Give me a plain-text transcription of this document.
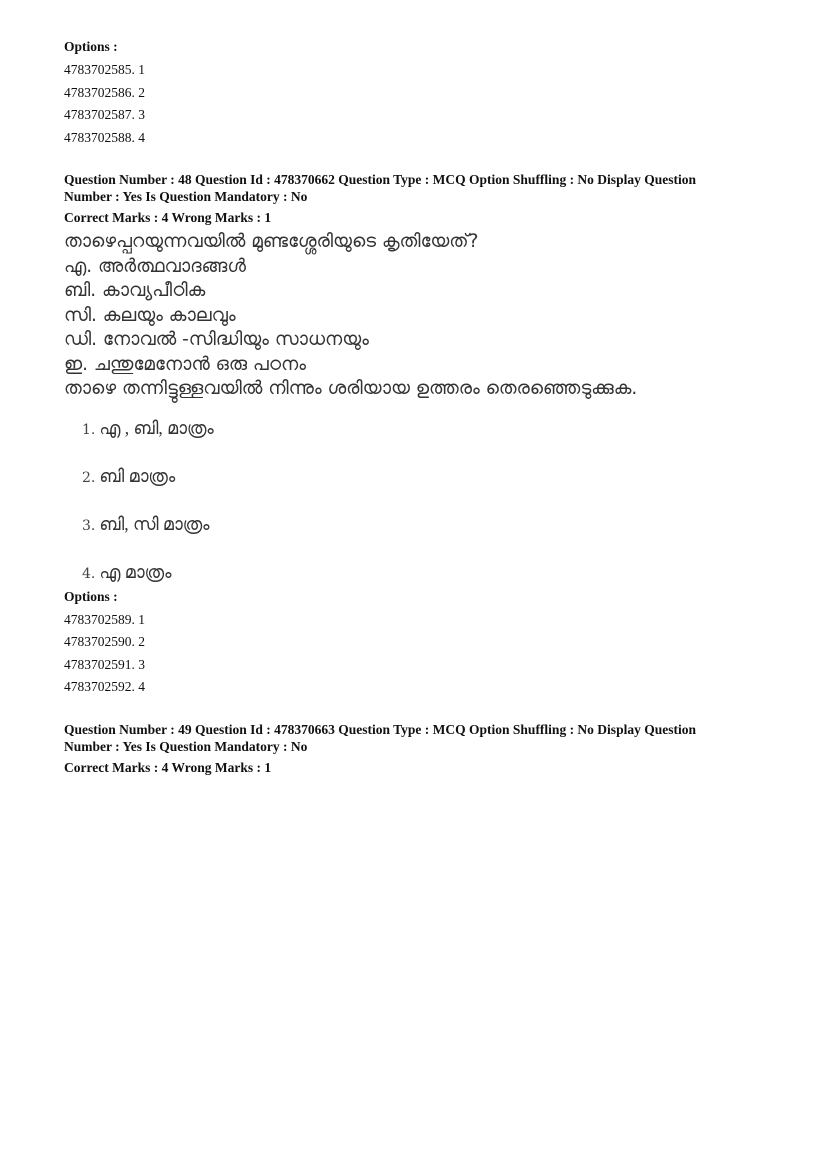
Options :
4783702585. 1
4783702586. 2
4783702587. 3
4783702588. 4
Question Number : 48 Question Id : 478370662 Question Type : MCQ Option Shuffling : No Display Question
Number : Yes Is Question Mandatory : No
Correct Marks : 4 Wrong Marks : 1
താഴെപ്പറയുന്നവയിൽ മുണ്ടശ്ശേരിയുടെ കൃതിയേത്?
എ. അർത്ഥവാദങ്ങൾ
ബി. കാവ്യപീഠിക
സി. കലയും കാലവും
ഡി. നോവൽ -സിദ്ധിയും സാധനയും
ഇ. ചന്തുമേനോൻ ഒരു പഠനം
താഴെ തന്നിട്ടുള്ളവയിൽ നിന്നും ശരിയായ ഉത്തരം തെരഞ്ഞെടുക്കുക.
1. എ , ബി, മാത്രം
2. ബി മാത്രം
3. ബി, സി മാത്രം
4. എ മാത്രം
Options :
4783702589. 1
4783702590. 2
4783702591. 3
4783702592. 4
Question Number : 49 Question Id : 478370663 Question Type : MCQ Option Shuffling : No Display Question
Number : Yes Is Question Mandatory : No
Correct Marks : 4 Wrong Marks : 1
